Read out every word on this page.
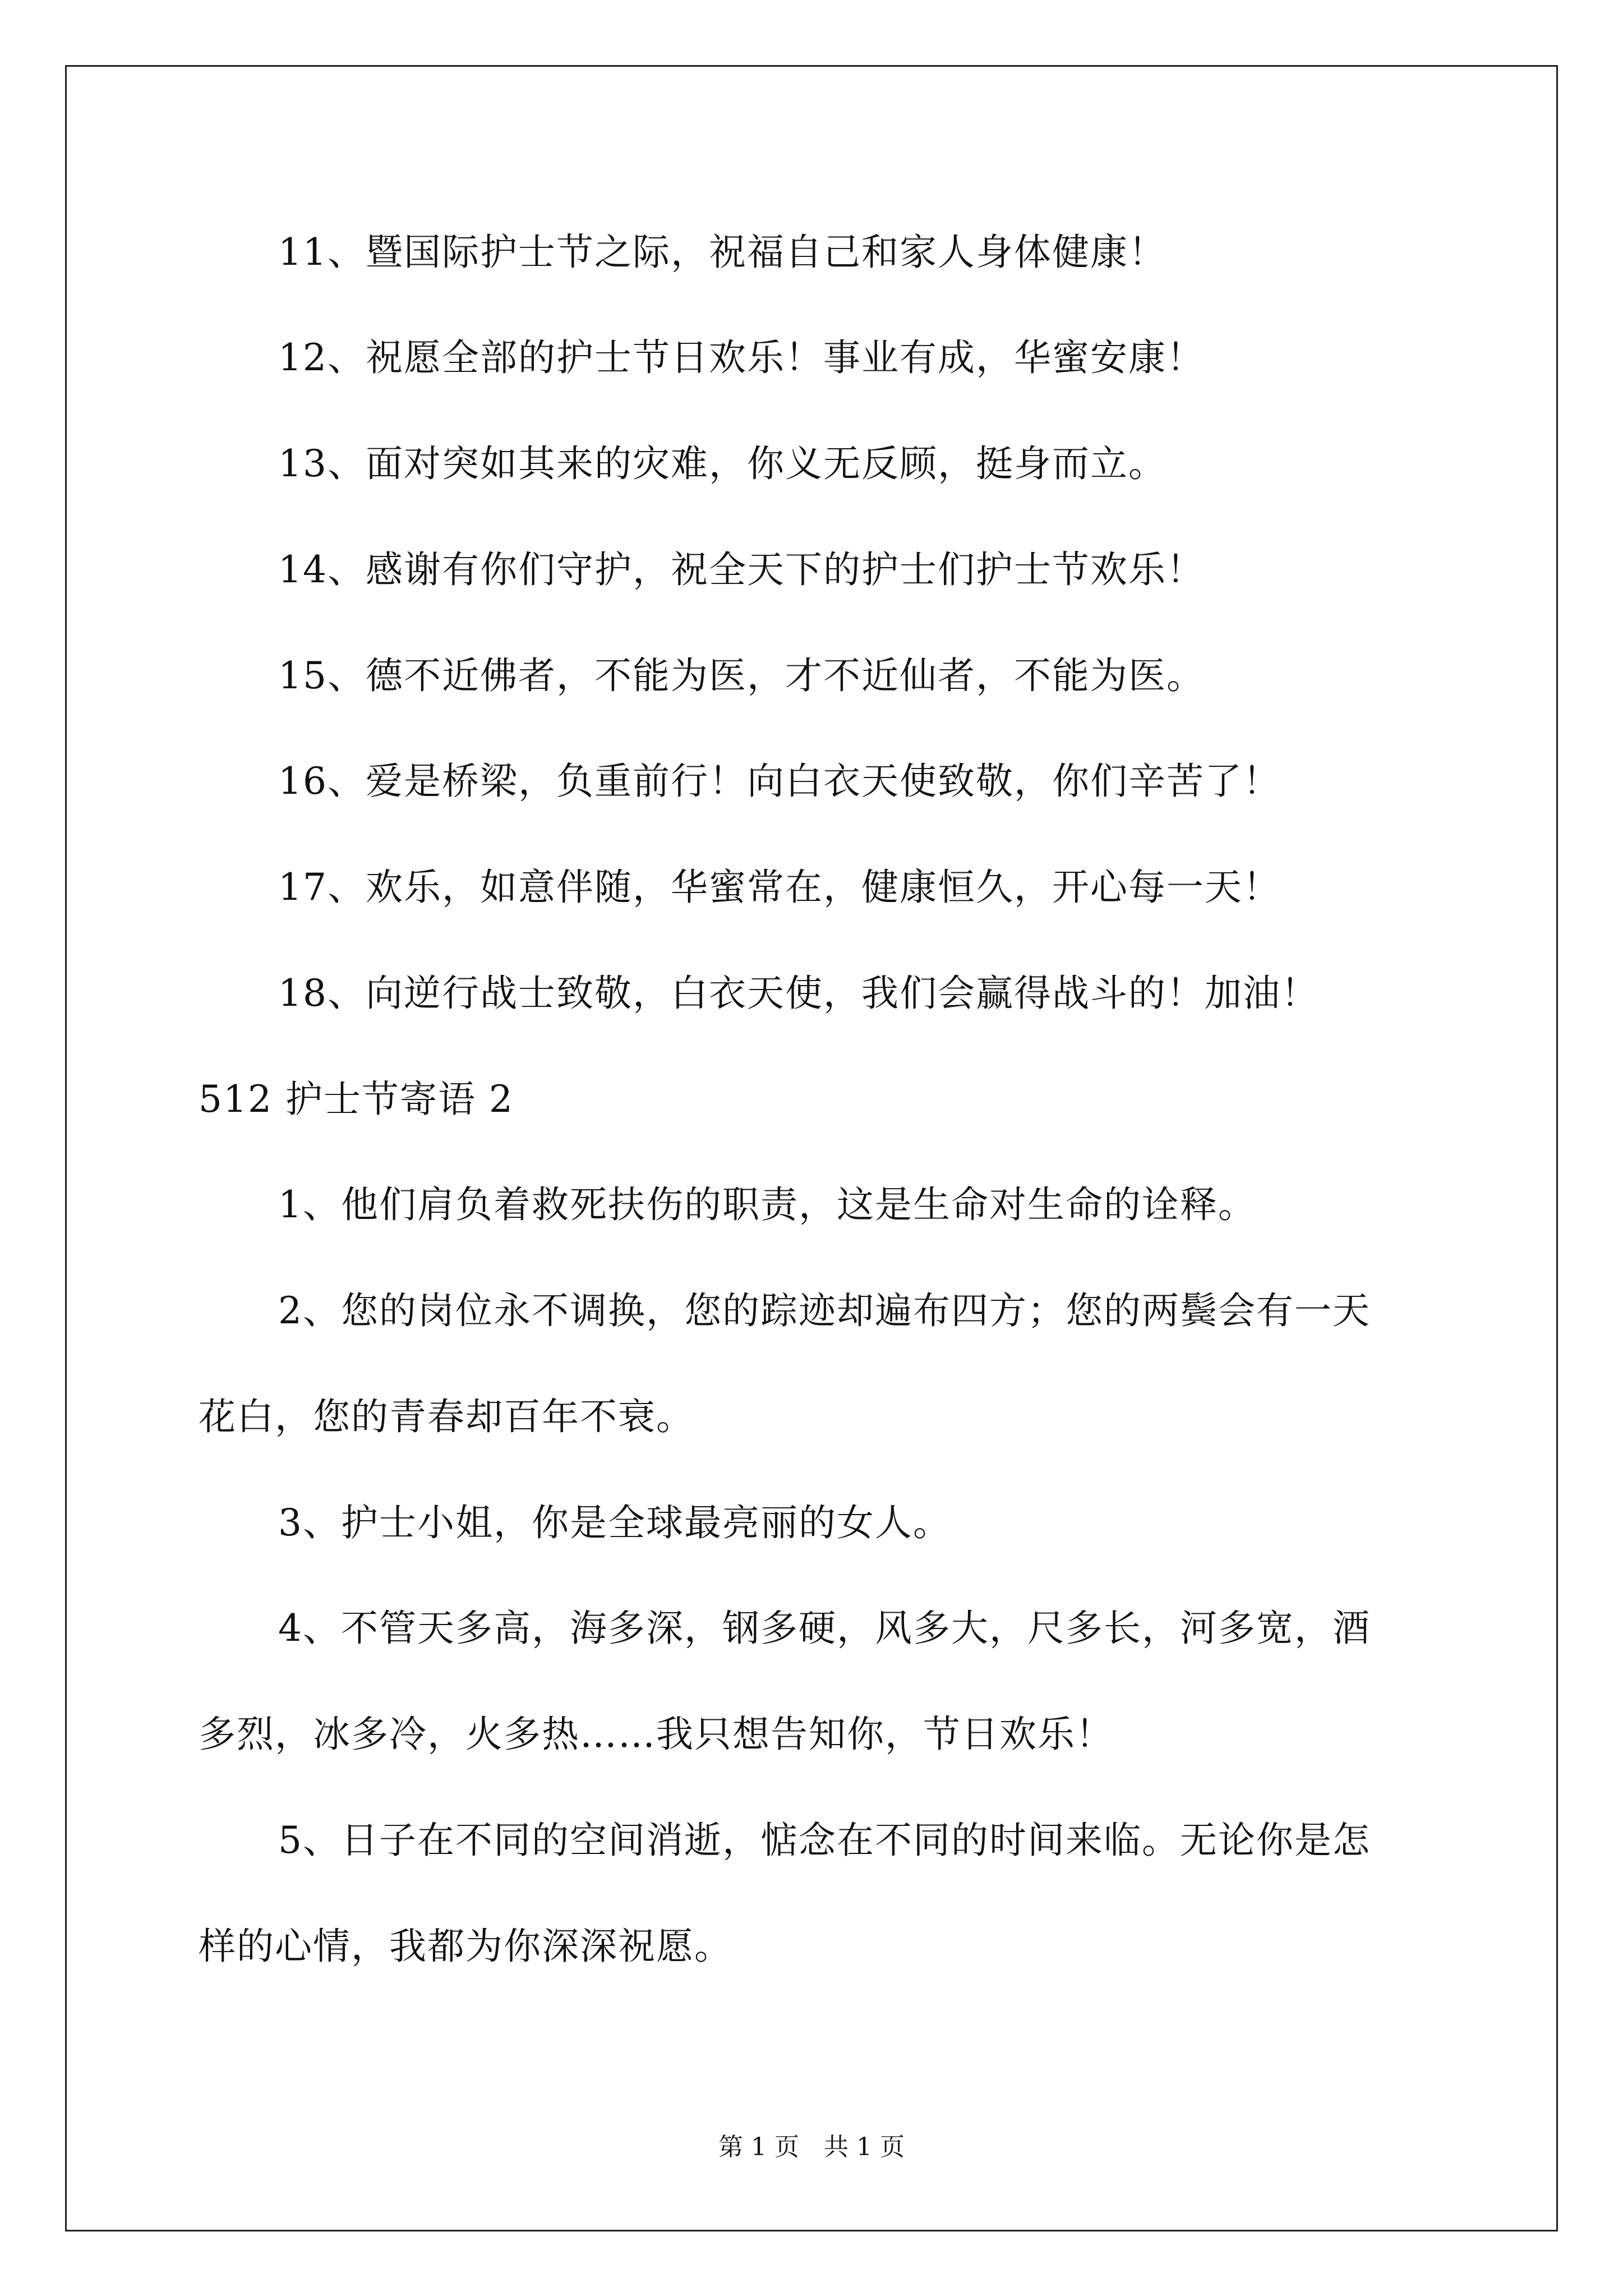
11、暨国际护士节之际，祝福自己和家人身体健康！
12、祝愿全部的护士节日欢乐！事业有成，华蜜安康！
13、面对突如其来的灾难，你义无反顾，挺身而立。
14、感谢有你们守护，祝全天下的护士们护士节欢乐！
15、德不近佛者，不能为医，才不近仙者，不能为医。
16、爱是桥梁，负重前行！向白衣天使致敬，你们辛苦了！
17、欢乐，如意伴随，华蜜常在，健康恒久，开心每一天！
18、向逆行战士致敬，白衣天使，我们会赢得战斗的！加油！
512 护士节寄语 2
1、他们肩负着救死扶伤的职责，这是生命对生命的诠释。
2、您的岗位永不调换，您的踪迹却遍布四方；您的两鬓会有一天
花白，您的青春却百年不衰。
3、护士小姐，你是全球最亮丽的女人。
4、不管天多高，海多深，钢多硬，风多大，尺多长，河多宽，酒
多烈，冰多冷，火多热……我只想告知你，节日欢乐！
5、日子在不同的空间消逝，惦念在不同的时间来临。无论你是怎
样的心情，我都为你深深祝愿。
第 1 页　共 1 页
